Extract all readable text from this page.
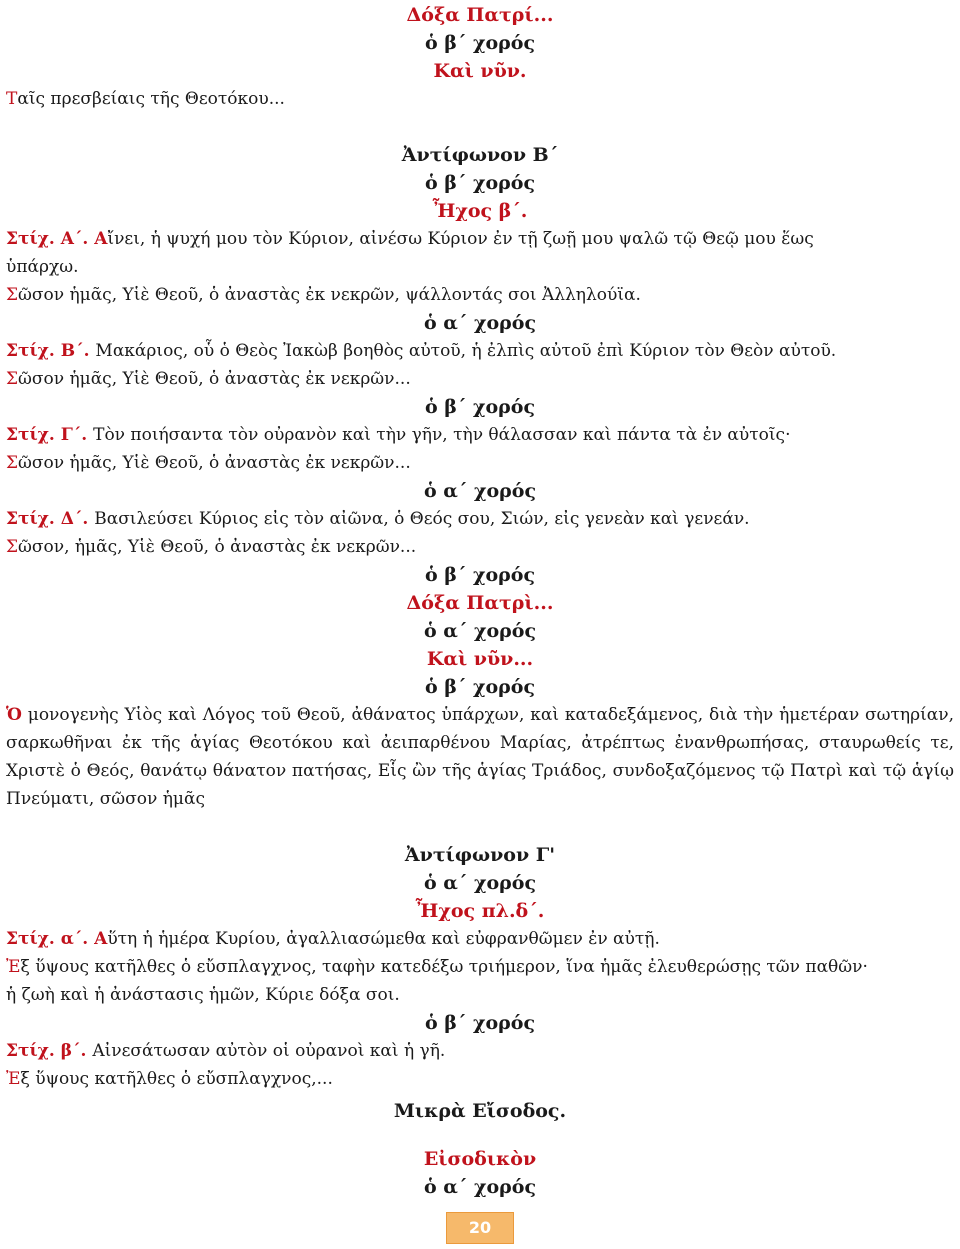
Δόξα Πατρί...
ὁ β΄ χορός
Καὶ νῦν.
Ταῖς πρεσβείαις τῆς Θεοτόκου...
Ἀντίφωνον Β΄
ὁ β΄ χορός
Ἦχος β΄.
Στίχ. Α΄. Αἴνει, ἡ ψυχή μου τὸν Κύριον, αἰνέσω Κύριον ἐν τῇ ζωῇ μου ψαλῶ τῷ Θεῷ μου ἕως
ὑπάρχω.
Σῶσον ἡμᾶς, Υἱὲ Θεοῦ, ὁ ἀναστὰς ἐκ νεκρῶν, ψάλλοντάς σοι Ἀλληλούϊα.
ὁ α΄ χορός
Στίχ. Β΄. Μακάριος, οὗ ὁ Θεὸς Ἰακὼβ βοηθὸς αὐτοῦ, ἡ ἐλπὶς αὐτοῦ ἐπὶ Κύριον τὸν Θεὸν αὐτοῦ.
Σῶσον ἡμᾶς, Υἱὲ Θεοῦ, ὁ ἀναστὰς ἐκ νεκρῶν...
ὁ β΄ χορός
Στίχ. Γ΄. Τὸν ποιήσαντα τὸν οὐρανὸν καὶ τὴν γῆν, τὴν θάλασσαν καὶ πάντα τὰ ἐν αὐτοῖς·
Σῶσον ἡμᾶς, Υἱὲ Θεοῦ, ὁ ἀναστὰς ἐκ νεκρῶν...
ὁ α΄ χορός
Στίχ. Δ΄. Βασιλεύσει Κύριος εἰς τὸν αἰῶνα, ὁ Θεός σου, Σιών, εἰς γενεὰν καὶ γενεάν.
Σῶσον, ἡμᾶς, Υἱὲ Θεοῦ, ὁ ἀναστὰς ἐκ νεκρῶν...
ὁ β΄ χορός
Δόξα Πατρὶ...
ὁ α΄ χορός
Καὶ νῦν...
ὁ β΄ χορός
Ὁ μονογενὴς Υἱὸς καὶ Λόγος τοῦ Θεοῦ, ἀθάνατος ὑπάρχων, καὶ καταδεξάμενος, διὰ τὴν ἡμετέραν σωτηρίαν, σαρκωθῆναι ἐκ τῆς ἁγίας Θεοτόκου καὶ ἀειπαρθένου Μαρίας, ἀτρέπτως ἐνανθρωπήσας, σταυρωθείς τε, Χριστὲ ὁ Θεός, θανάτῳ θάνατον πατήσας, Εἷς ὢν τῆς ἁγίας Τριάδος, συνδοξαζόμενος τῷ Πατρὶ καὶ τῷ ἁγίῳ Πνεύματι, σῶσον ἡμᾶς
Ἀντίφωνον Γ'
ὁ α΄ χορός
Ἦχος πλ.δ΄.
Στίχ. α΄. Αὕτη ἡ ἡμέρα Κυρίου, ἀγαλλιασώμεθα καὶ εὐφρανθῶμεν ἐν αὐτῇ.
Ἐξ ὕψους κατῆλθες ὁ εὔσπλαγχνος, ταφὴν κατεδέξω τριήμερον, ἵνα ἡμᾶς ἐλευθερώσῃς τῶν παθῶν·
ἡ ζωὴ καὶ ἡ ἀνάστασις ἡμῶν, Κύριε δόξα σοι.
ὁ β΄ χορός
Στίχ. β΄. Αἰνεσάτωσαν αὐτὸν οἱ οὐρανοὶ καὶ ἡ γῆ.
Ἐξ ὕψους κατῆλθες ὁ εὔσπλαγχνος,...
Μικρὰ Εἴσοδος.
Εἰσοδικὸν
ὁ α΄ χορός
20
